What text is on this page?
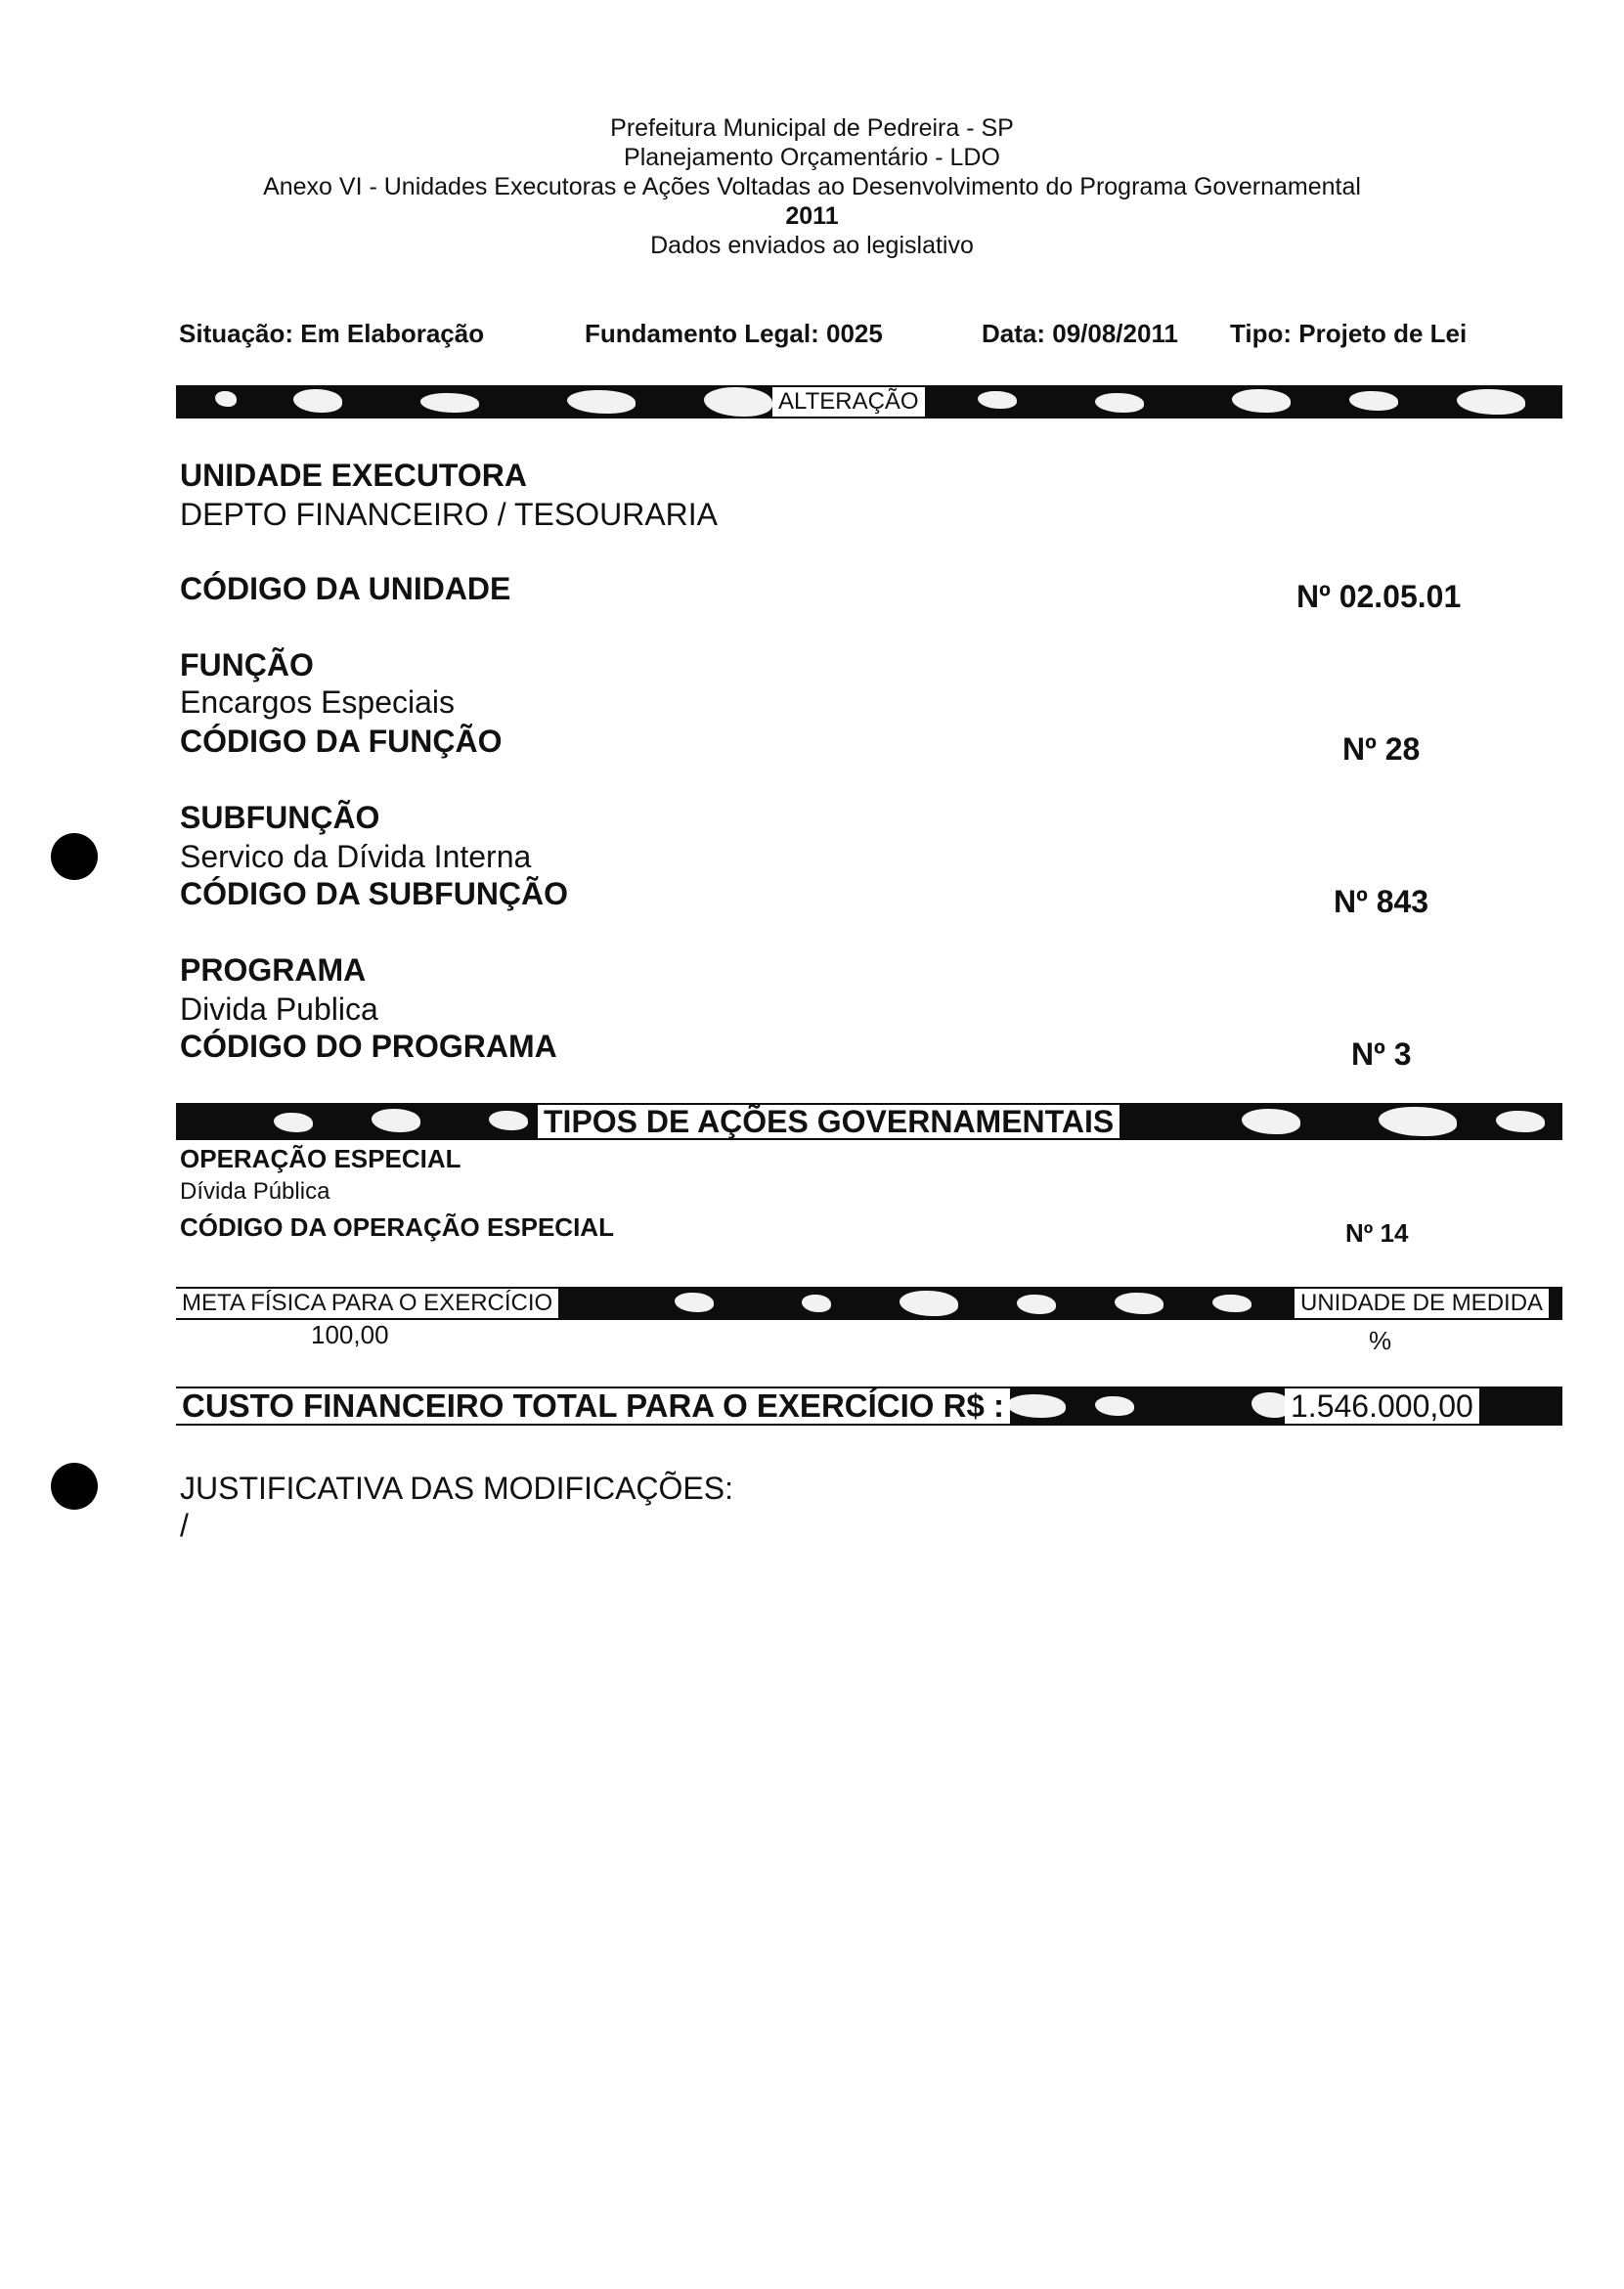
Prefeitura Municipal de Pedreira - SP
Planejamento Orçamentário - LDO
Anexo VI - Unidades Executoras e Ações Voltadas ao Desenvolvimento do Programa Governamental
2011
Dados enviados ao legislativo
Situação: Em Elaboração	Fundamento Legal: 0025	Data: 09/08/2011 Tipo: Projeto de Lei
ALTERAÇÃO
UNIDADE EXECUTORA
DEPTO FINANCEIRO / TESOURARIA
CÓDIGO DA UNIDADE	Nº 02.05.01
FUNÇÃO
Encargos Especiais
CÓDIGO DA FUNÇÃO	Nº 28
SUBFUNÇÃO
Servico da Dívida Interna
CÓDIGO DA SUBFUNÇÃO	Nº 843
PROGRAMA
Divida Publica
CÓDIGO DO PROGRAMA	Nº 3
TIPOS DE AÇÕES GOVERNAMENTAIS
OPERAÇÃO ESPECIAL
Dívida Pública
CÓDIGO DA OPERAÇÃO ESPECIAL	Nº 14
META FÍSICA PARA O EXERCÍCIO	UNIDADE DE MEDIDA
100,00	%
CUSTO FINANCEIRO TOTAL PARA O EXERCÍCIO R$ :	1.546.000,00
JUSTIFICATIVA DAS MODIFICAÇÕES:
/
